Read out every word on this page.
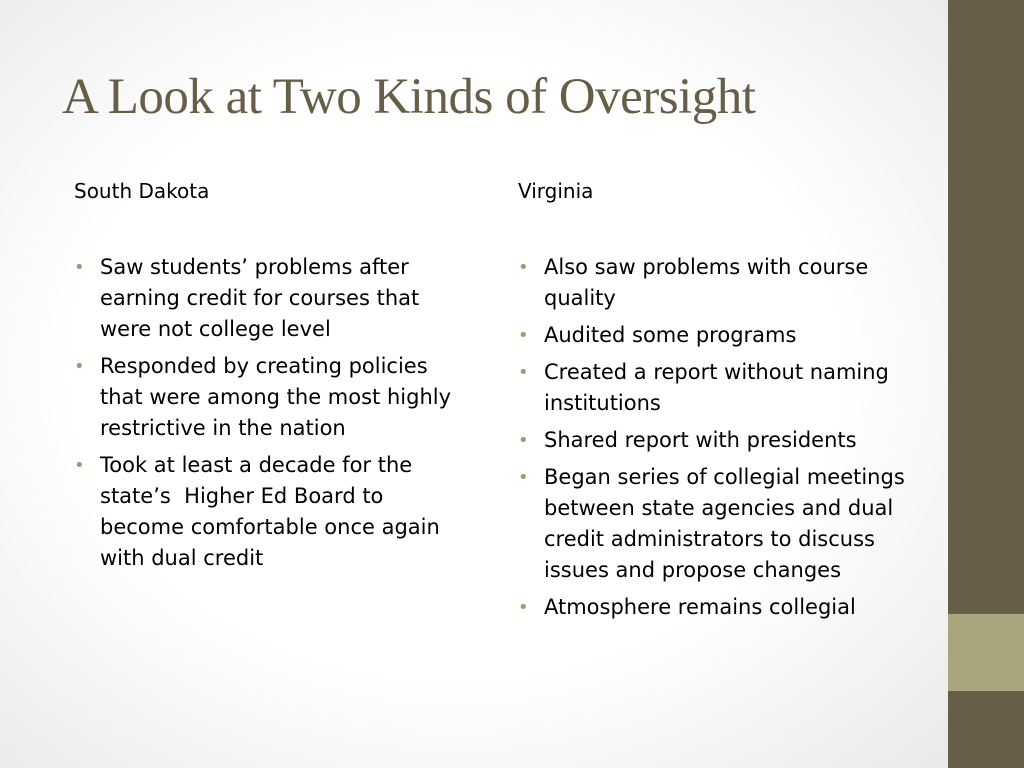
A Look at Two Kinds of Oversight

South Dakota

• Saw students’ problems after earning credit for courses that were not college level
• Responded by creating policies that were among the most highly restrictive in the nation
• Took at least a decade for the state’s  Higher Ed Board to become comfortable once again with dual credit

Virginia

• Also saw problems with course quality
• Audited some programs
• Created a report without naming institutions
• Shared report with presidents
• Began series of collegial meetings between state agencies and dual credit administrators to discuss issues and propose changes
• Atmosphere remains collegial
